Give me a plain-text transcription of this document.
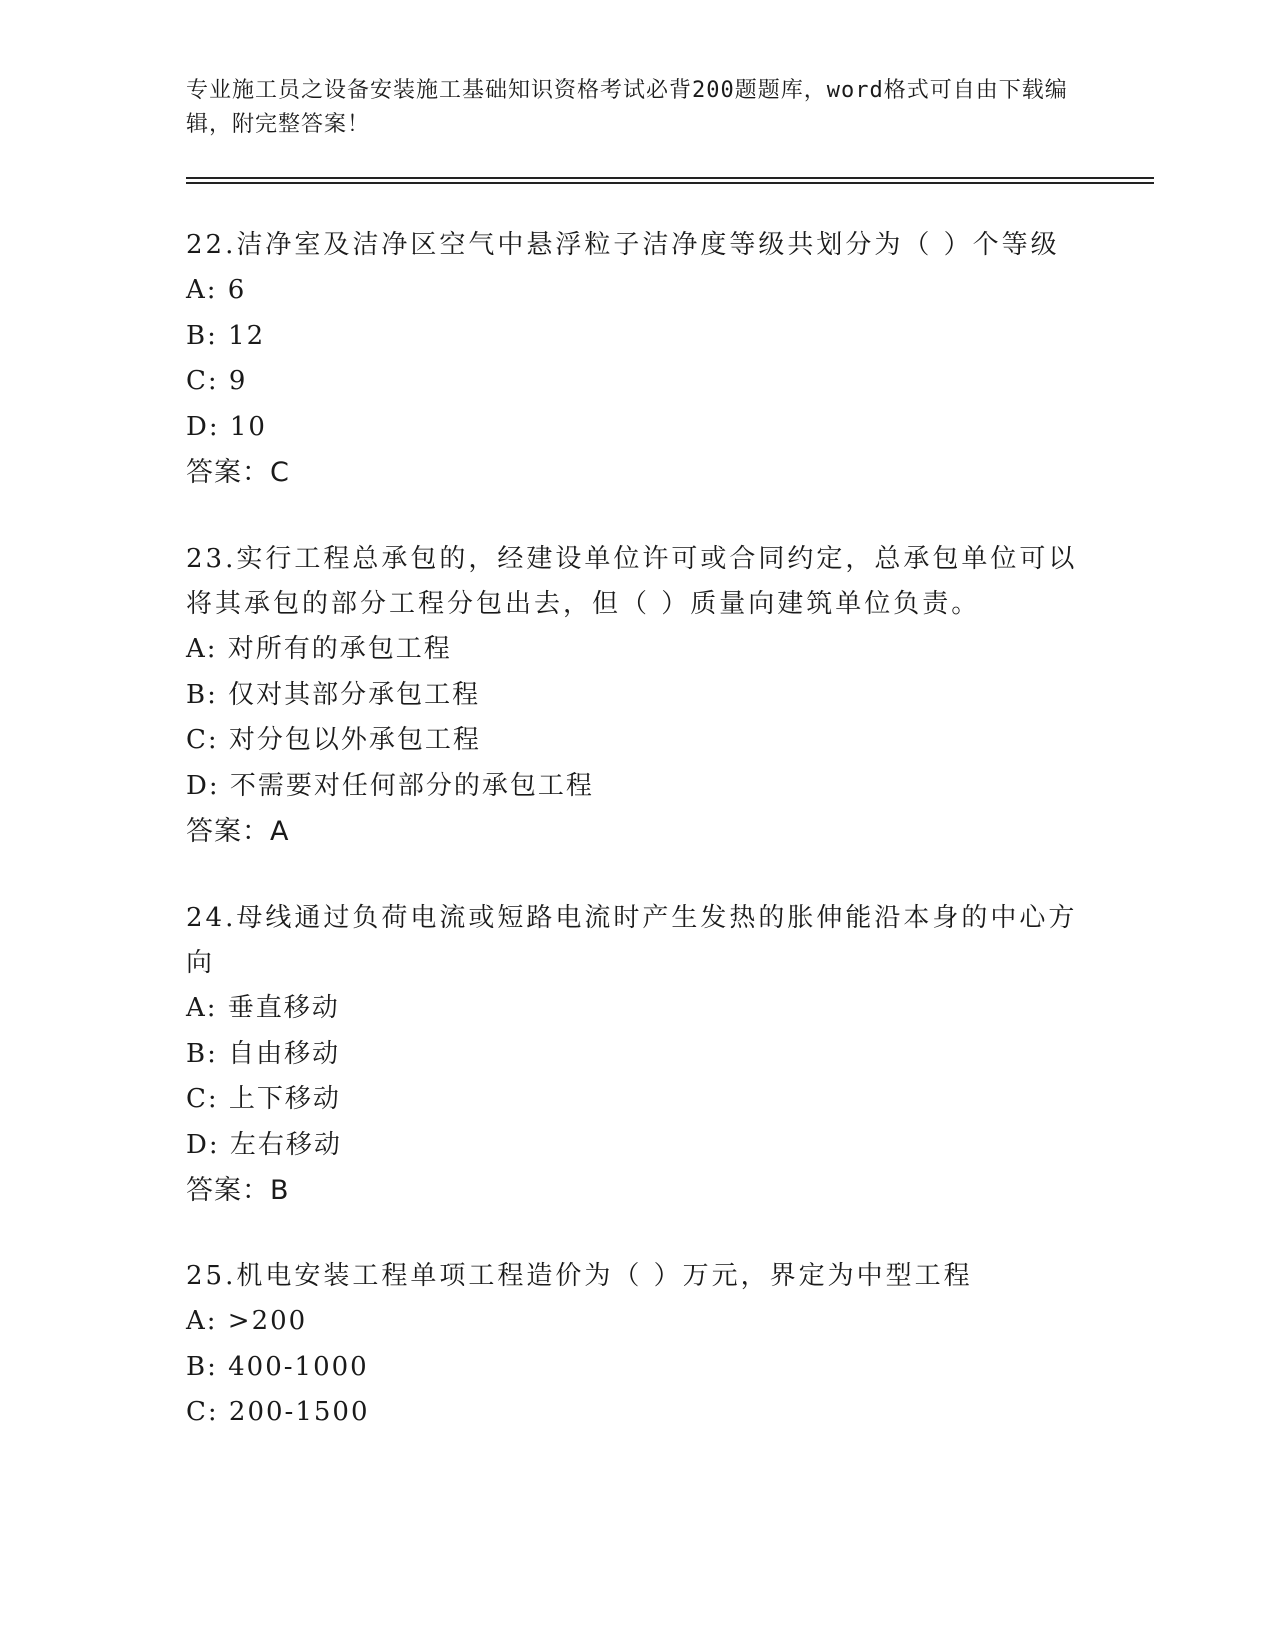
专业施工员之设备安装施工基础知识资格考试必背200题题库，word格式可自由下载编辑，附完整答案！

22.洁净室及洁净区空气中悬浮粒子洁净度等级共划分为（ ）个等级

A: 6

B: 12

C: 9

D: 10

答案：C

23.实行工程总承包的，经建设单位许可或合同约定，总承包单位可以将其承包的部分工程分包出去，但（ ）质量向建筑单位负责。

A: 对所有的承包工程

B: 仅对其部分承包工程

C: 对分包以外承包工程

D: 不需要对任何部分的承包工程

答案：A

24.母线通过负荷电流或短路电流时产生发热的胀伸能沿本身的中心方向

A: 垂直移动

B: 自由移动

C: 上下移动

D: 左右移动

答案：B

25.机电安装工程单项工程造价为（ ）万元，界定为中型工程

A: >200

B: 400-1000

C: 200-1500
